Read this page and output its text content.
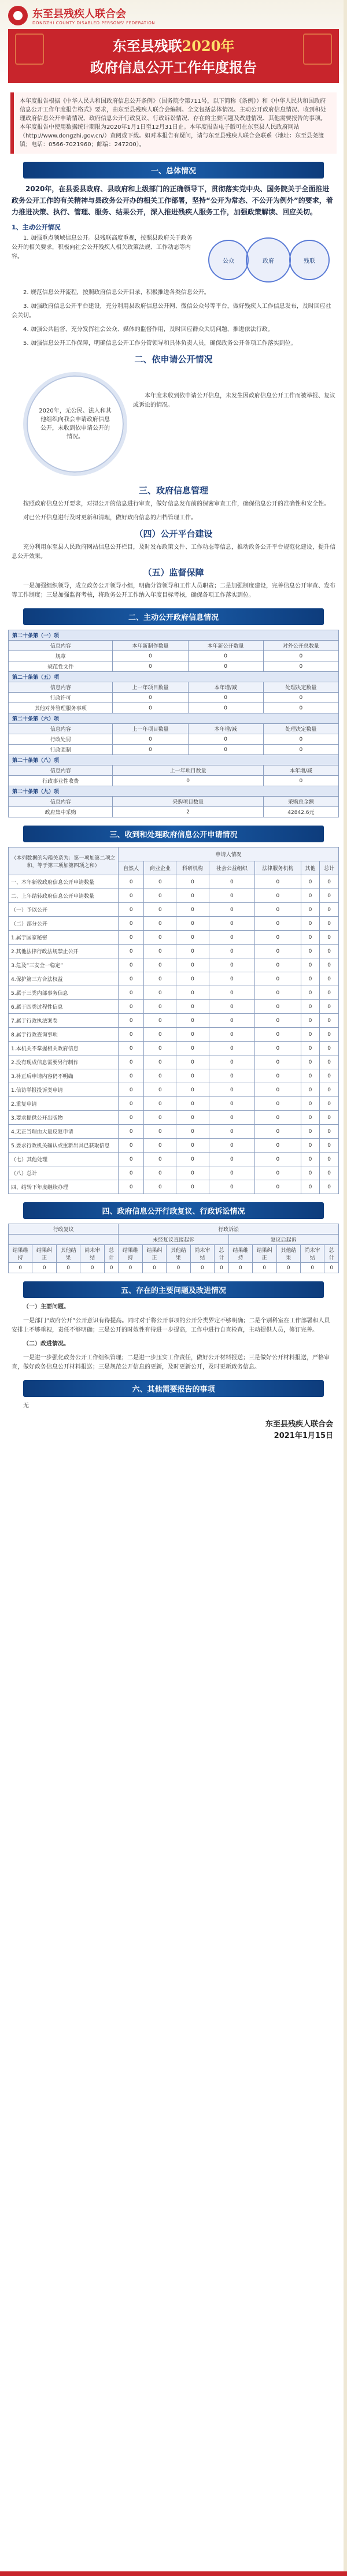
东至县残疾人联合会
DONGZHI COUNTY DISABLED PERSONS' FEDERATION
东至县残联2020年
政府信息公开工作年度报告
本年度报告根据《中华人民共和国政府信息公开条例》（国务院令第711号，以下简称《条例》）和《中华人民共和国政府信息公开工作年度报告格式》要求，由东至县残疾人联合会编制。全文包括总体情况、主动公开政府信息情况、收到和处理政府信息公开申请情况、政府信息公开行政复议、行政诉讼情况、存在的主要问题及改进情况、其他需要报告的事项。本年度报告中使用数据统计期限为2020年1月1日至12月31日止。本年度报告电子版可在东至县人民政府网站（http://www.dongzhi.gov.cn/）查阅或下载。如对本报告有疑问，请与东至县残疾人联合会联系（地址：东至县尧渡镇；电话：0566-7021960；邮编：247200）。
一、总体情况

2020年，在县委县政府、县政府和上级部门的正确领导下，贯彻落实党中央、国务院关于全面推进政务公开工作的有关精神与县政务公开办的相关工作部署，坚持“公开为常态、不公开为例外”的要求，着力推进决策、执行、管理、服务、结果公开，深入推进残疾人服务工作，加强政策解读、回应关切。

1、主动公开情况

1. 加强重点领域信息公开。县残联高度重视，按照县政府关于政务公开的相关要求，积极向社会公开残疾人相关政策法规、工作动态等内容。

公众	政府	残联

2. 规范信息公开流程，按照政府信息公开目录，积极推进各类信息公开。

3. 加强政府信息公开平台建设，充分利用县政府信息公开网、微信公众号等平台，做好残疾人工作信息发布，及时回应社会关切。

4. 加强公共监督，充分发挥社会公众、媒体的监督作用，及时回应群众关切问题，推进依法行政。

5. 加强信息公开工作保障，明确信息公开工作分管领导和具体负责人员，确保政务公开各项工作落实到位。

二、依申请公开情况
2020年，无公民、法人和其他组织向我会申请政府信息公开，未收到依申请公开的情况。

本年度未收到依申请公开信息，未发生因政府信息公开工作而被举报、复议或诉讼的情况。

三、政府信息管理

按照政府信息公开要求，对拟公开的信息进行审查，做好信息发布前的保密审查工作，确保信息公开的准确性和安全性。

对已公开信息进行及时更新和清理，做好政府信息的归档管理工作。

（四）公开平台建设

充分利用东至县人民政府网站信息公开栏目，及时发布政策文件、工作动态等信息，推动政务公开平台规范化建设，提升信息公开效果。

（五）监督保障

一是加强组织领导，成立政务公开领导小组，明确分管领导和工作人员职责；二是加强制度建设，完善信息公开审查、发布等工作制度；三是加强监督考核，将政务公开工作纳入年度目标考核，确保各项工作落实到位。

二、主动公开政府信息情况
第二十条第（一）项			
信息内容	本年新制作数量	本年新公开数量	对外公开总数量
规章	0	0	0
规范性文件	0	0	0
第二十条第（五）项			
信息内容	上一年项目数量	本年增/减	处理决定数量
行政许可	0	0	0
其他对外管理服务事项	0	0	0
第二十条第（六）项			
信息内容	上一年项目数量	本年增/减	处理决定数量
行政处罚	0	0	0
行政强制	0	0	0
第二十条第（八）项			
信息内容	上一年项目数量		本年增/减
行政事业性收费	0		0
第二十条第（九）项			
信息内容	采购项目数量		采购总金额
政府集中采购	2		42842.6元
三、收到和处理政府信息公开申请情况
（本列数据的勾稽关系为：第一项加第二项之和，等于第三项加第四项之和）	申请人情况						
	自然人	商业企业	科研机构	社会公益组织	法律服务机构	其他	总计
一、本年新收政府信息公开申请数量	0	0	0	0	0	0	0
二、上年结转政府信息公开申请数量	0	0	0	0	0	0	0
（一）予以公开	0	0	0	0	0	0	0
（二）部分公开	0	0	0	0	0	0	0
1.属于国家秘密	0	0	0	0	0	0	0
2.其他法律行政法规禁止公开	0	0	0	0	0	0	0
3.危及“三安全一稳定”	0	0	0	0	0	0	0
4.保护第三方合法权益	0	0	0	0	0	0	0
5.属于三类内部事务信息	0	0	0	0	0	0	0
6.属于四类过程性信息	0	0	0	0	0	0	0
7.属于行政执法案卷	0	0	0	0	0	0	0
8.属于行政查询事项	0	0	0	0	0	0	0
1.本机关不掌握相关政府信息	0	0	0	0	0	0	0
2.没有现成信息需要另行制作	0	0	0	0	0	0	0
3.补正后申请内容仍不明确	0	0	0	0	0	0	0
1.信访举报投诉类申请	0	0	0	0	0	0	0
2.重复申请	0	0	0	0	0	0	0
3.要求提供公开出版物	0	0	0	0	0	0	0
4.无正当理由大量反复申请	0	0	0	0	0	0	0
5.要求行政机关确认或重新出具已获取信息	0	0	0	0	0	0	0
（七）其他处理	0	0	0	0	0	0	0
（八）总计	0	0	0	0	0	0	0
四、结转下年度继续办理	0	0	0	0	0	0	0
四、政府信息公开行政复议、行政诉讼情况
行政复议					行政诉讼									
					未经复议直接起诉					复议后起诉				
结果维持	结果纠正	其他结果	尚未审结	总计	结果维持	结果纠正	其他结果	尚未审结	总计	结果维持	结果纠正	其他结果	尚未审结	总计
0	0	0	0	0	0	0	0	0	0	0	0	0	0	0
五、存在的主要问题及改进情况

（一）主要问题。

一是部门“政府公开”公开意识有待提高。同时对于将公开事项的公开分类界定不够明确；二是个别科室在工作部署和人员安排上不够重视，责任不够明确；三是公开的时效性有待进一步提高，工作中进行自查检查，主动提供人员，修订完善。

（二）改进情况。

一是进一步强化政务公开工作组织管理；二是进一步压实工作责任，做好公开材料报送；三是做好公开材料报送，严格审查，做好政务信息公开材料报送；三是规范公开信息的更新，及时更新公开，及时更新政务信息。

六、其他需要报告的事项

无

东至县残疾人联合会
2021年1月15日
